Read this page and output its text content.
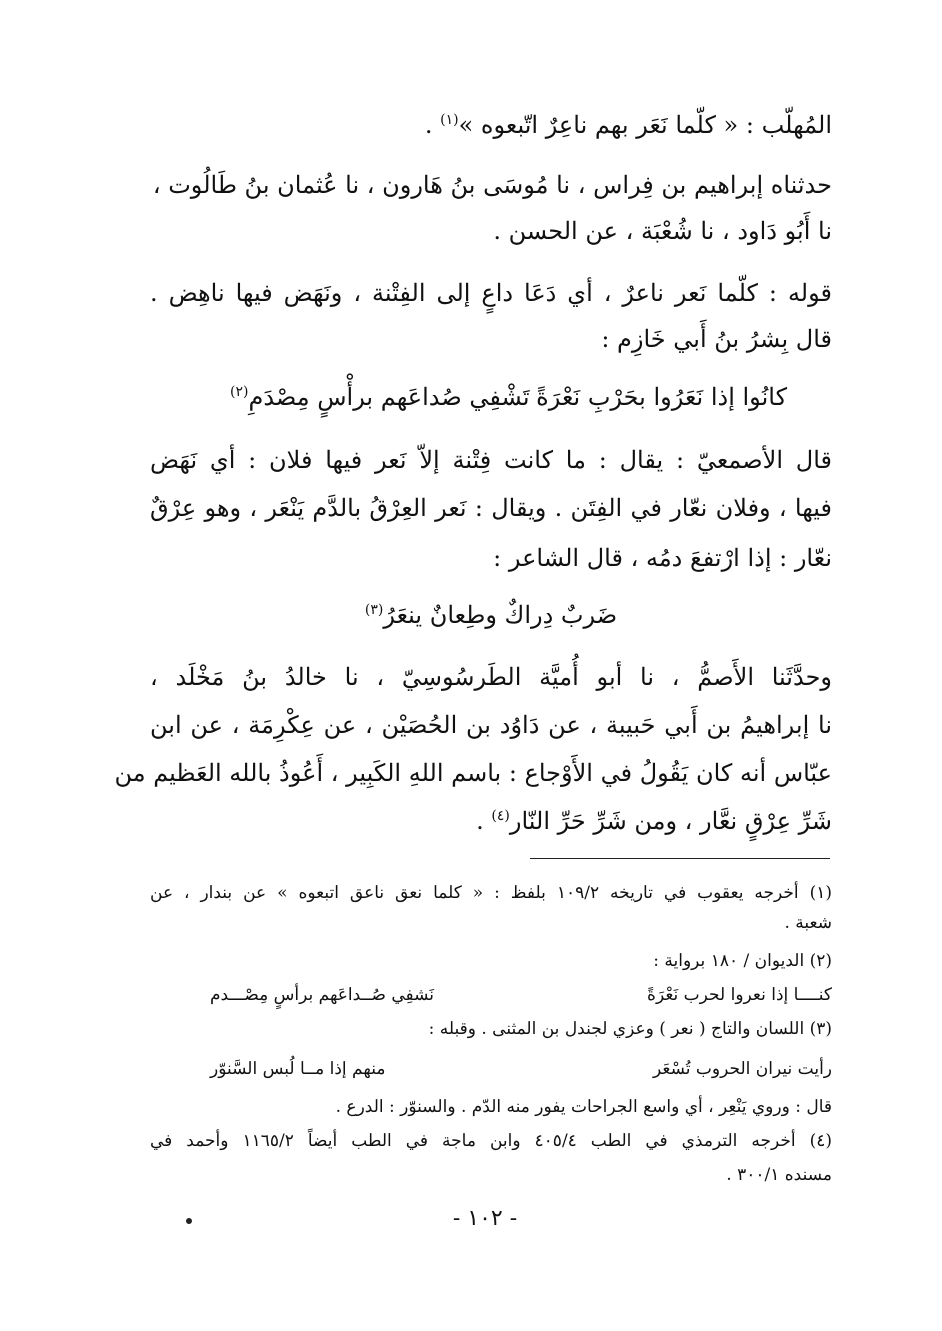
المُهلّب : « كلّما نَعَر بهم ناعِرٌ اتّبعوه »$^{(١)}$ .
حدثناه إبراهيم بن فِراس ، نا مُوسَى بنُ هَارون ، نا عُثمان بنُ طَالُوت ،
نا أَبُو دَاود ، نا شُعْبَة ، عن الحسن .
قوله : كلّما نَعر ناعرٌ ، أي دَعَا داعٍ إلى الفِتْنة ، ونَهَض فيها ناهِض .
قال بِشرُ بنُ أَبي خَازِم :
كانُوا إذا نَعَرُوا بحَرْبِ نَعْرَةً
تَشْفِي صُداعَهم برأْسٍ مِصْدَمِ$^{(٢)}$
قال الأصمعيّ : يقال : ما كانت فِتْنة إلاّ نَعر فيها فلان : أي نَهَض
فيها ، وفلان نعّار في الفِتَن . ويقال : نَعر العِرْقُ بالدَّم يَنْعَر ، وهو عِرْقٌ
نعّار : إذا ارْتفعَ دمُه ، قال الشاعر :
ضَربٌ دِراكٌ وطِعانٌ ينعَرُ$^{(٣)}$
وحدَّثَنا الأَصمُّ ، نا أبو أُميَّة الطَرسُوسِيّ ، نا خالدُ بنُ مَخْلَد ،
نا إبراهيمُ بن أَبي حَبيبة ، عن دَاوُد بن الحُصَيْن ، عن عِكْرِمَة ، عن ابن
عبّاس أنه كان يَقُولُ في الأَوْجاع : باسم اللهِ الكَبِير ، أَعُوذُ بالله العَظيم من
شَرِّ عِرْقٍ نعَّار ، ومن شَرِّ حَرِّ النّار$^{(٤)}$ .
(١) أخرجه يعقوب في تاريخه ١٠٩/٢ بلفظ : « كلما نعق ناعق اتبعوه » عن بندار ، عن
شعبة .
(٢) الديوان / ١٨٠ برواية :
كنــــا إذا نعروا لحرب نَعْرَةً
نَشفِي صُــداعَهم برأسٍ مِصْـــدم
(٣) اللسان والتاج ( نعر ) وعزي لجندل بن المثنى . وقبله :
رأيت نيران الحروب تُسْعَر
منهم إذا مــا لُبس السَّنوّر
قال : وروي يَنْعِر ، أي واسع الجراحات يفور منه الدّم . والسنوّر : الدرع .
(٤) أخرجه الترمذي في الطب ٤٠٥/٤ وابن ماجة في الطب أيضاً ١١٦٥/٢ وأحمد في
مسنده ٣٠٠/١ .
- ١٠٢ -
